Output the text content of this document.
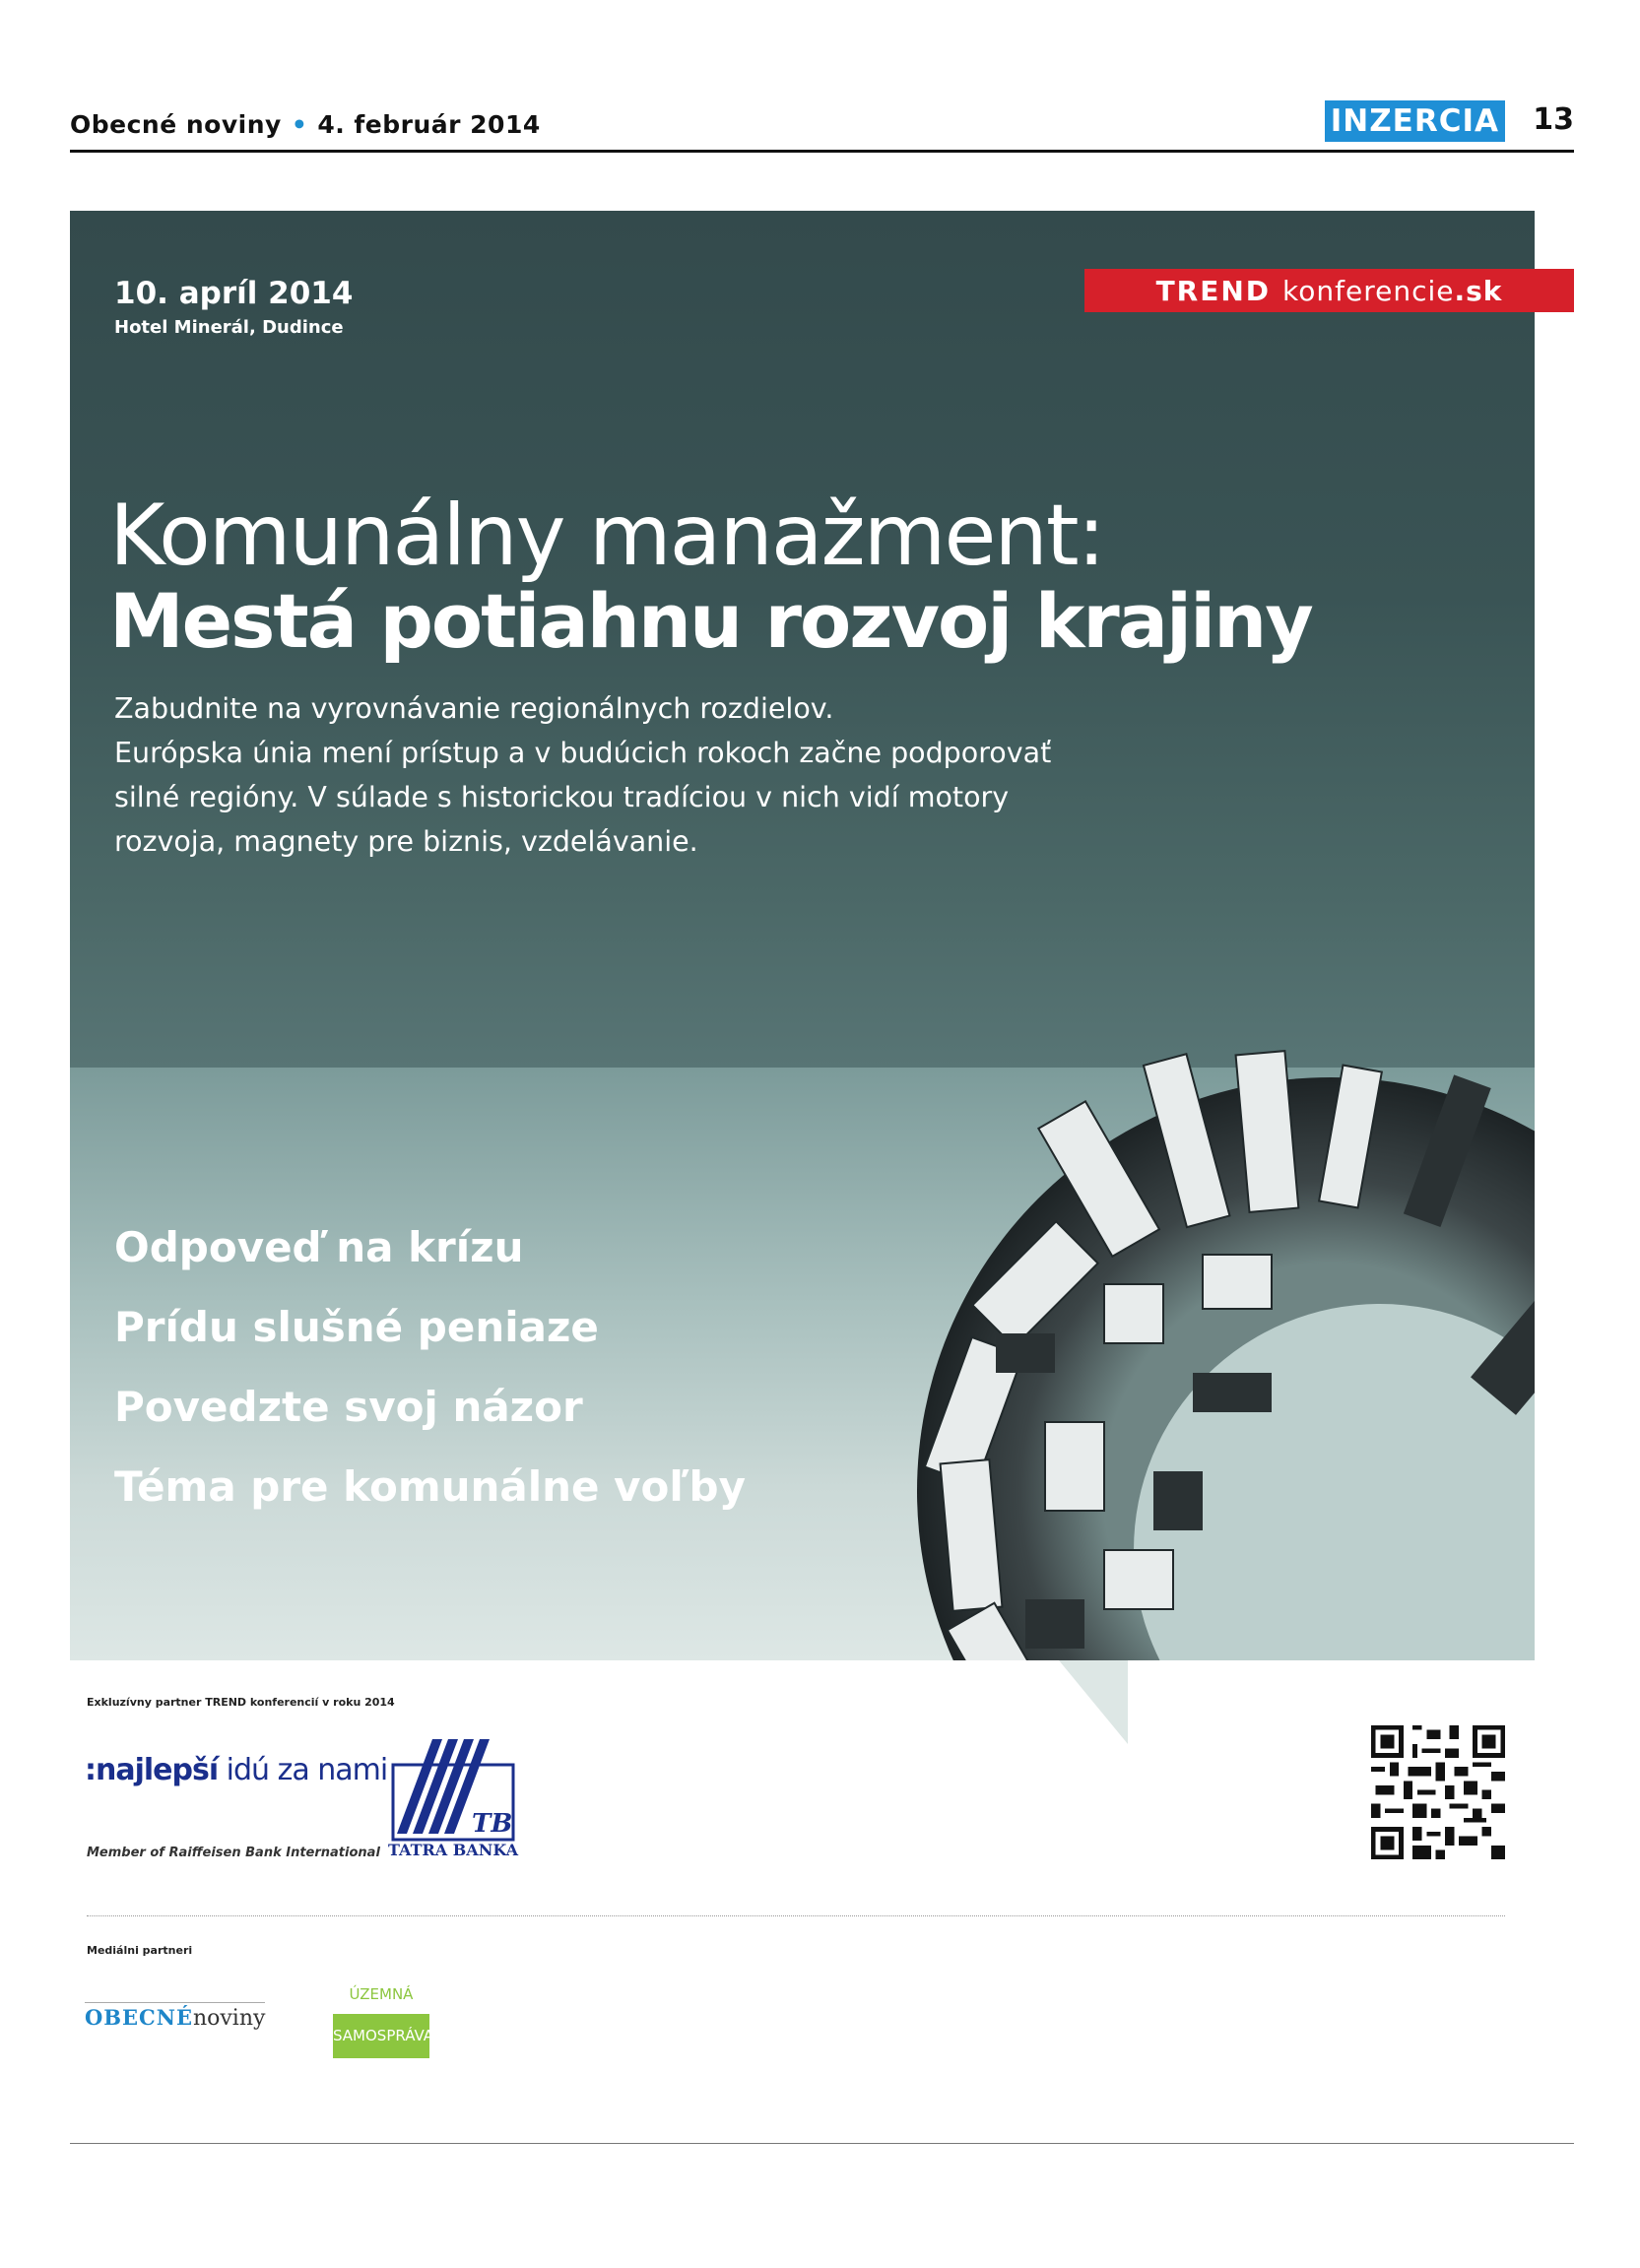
Obecné noviny • 4. február 2014	INZERCIA 13
10. apríl 2014
Hotel Minerál, Dudince
Komunálny manažment:
Mestá potiahnu rozvoj krajiny
Zabudnite na vyrovnávanie regionálnych rozdielov.
Európska únia mení prístup a v budúcich rokoch začne podporovať
silné regióny. V súlade s historickou tradíciou v nich vidí motory
rozvoja, magnety pre biznis, vzdelávanie.
Odpoveď na krízu
Prídu slušné peniaze
Povedzte svoj názor
Téma pre komunálne voľby
TREND konferencie .sk
Exkluzívny partner TREND konferencií v roku 2014
:najlepší idú za nami
Member of Raiffeisen Bank International
TB
TATRA BANKA
Mediálni partneri
OBECNÉnoviny
ÚZEMNÁ
SAMOSPRÁVA
